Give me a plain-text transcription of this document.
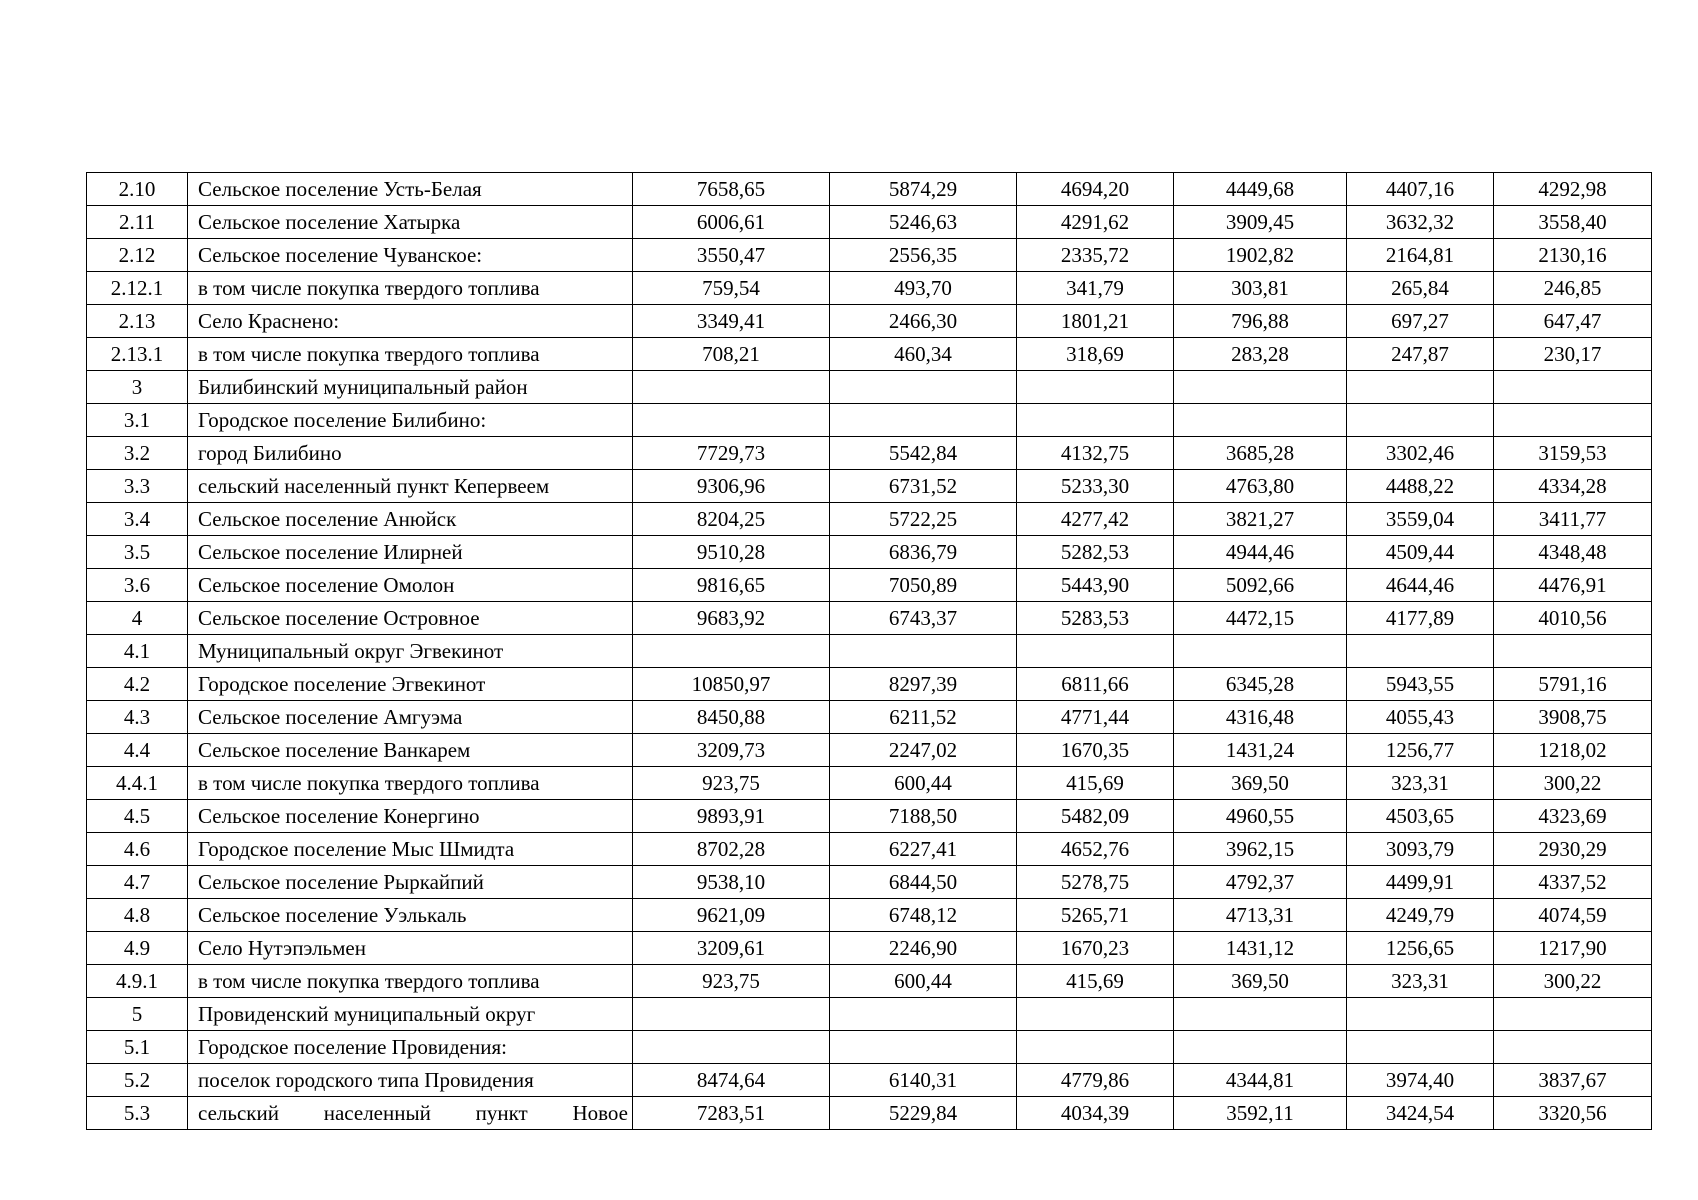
2.10	Сельское поселение Усть-Белая	7658,65	5874,29	4694,20	4449,68	4407,16	4292,98
2.11	Сельское поселение Хатырка	6006,61	5246,63	4291,62	3909,45	3632,32	3558,40
2.12	Сельское поселение Чуванское:	3550,47	2556,35	2335,72	1902,82	2164,81	2130,16
2.12.1	в том числе покупка твердого топлива	759,54	493,70	341,79	303,81	265,84	246,85
2.13	Село Краснено:	3349,41	2466,30	1801,21	796,88	697,27	647,47
2.13.1	в том числе покупка твердого топлива	708,21	460,34	318,69	283,28	247,87	230,17
3	Билибинский муниципальный район						
3.1	Городское поселение Билибино:						
3.2	город Билибино	7729,73	5542,84	4132,75	3685,28	3302,46	3159,53
3.3	сельский населенный пункт Кепервеем	9306,96	6731,52	5233,30	4763,80	4488,22	4334,28
3.4	Сельское поселение Анюйск	8204,25	5722,25	4277,42	3821,27	3559,04	3411,77
3.5	Сельское поселение Илирней	9510,28	6836,79	5282,53	4944,46	4509,44	4348,48
3.6	Сельское поселение Омолон	9816,65	7050,89	5443,90	5092,66	4644,46	4476,91
4	Сельское поселение Островное	9683,92	6743,37	5283,53	4472,15	4177,89	4010,56
4.1	Муниципальный округ Эгвекинот						
4.2	Городское поселение Эгвекинот	10850,97	8297,39	6811,66	6345,28	5943,55	5791,16
4.3	Сельское поселение Амгуэма	8450,88	6211,52	4771,44	4316,48	4055,43	3908,75
4.4	Сельское поселение Ванкарем	3209,73	2247,02	1670,35	1431,24	1256,77	1218,02
4.4.1	в том числе покупка твердого топлива	923,75	600,44	415,69	369,50	323,31	300,22
4.5	Сельское поселение Конергино	9893,91	7188,50	5482,09	4960,55	4503,65	4323,69
4.6	Городское поселение Мыс Шмидта	8702,28	6227,41	4652,76	3962,15	3093,79	2930,29
4.7	Сельское поселение Рыркайпий	9538,10	6844,50	5278,75	4792,37	4499,91	4337,52
4.8	Сельское поселение Уэлькаль	9621,09	6748,12	5265,71	4713,31	4249,79	4074,59
4.9	Село Нутэпэльмен	3209,61	2246,90	1670,23	1431,12	1256,65	1217,90
4.9.1	в том числе покупка твердого топлива	923,75	600,44	415,69	369,50	323,31	300,22
5	Провиденский муниципальный округ						
5.1	Городское поселение Провидения:						
5.2	поселок городского типа Провидения	8474,64	6140,31	4779,86	4344,81	3974,40	3837,67
5.3	сельский населенный пункт Новое	7283,51	5229,84	4034,39	3592,11	3424,54	3320,56
